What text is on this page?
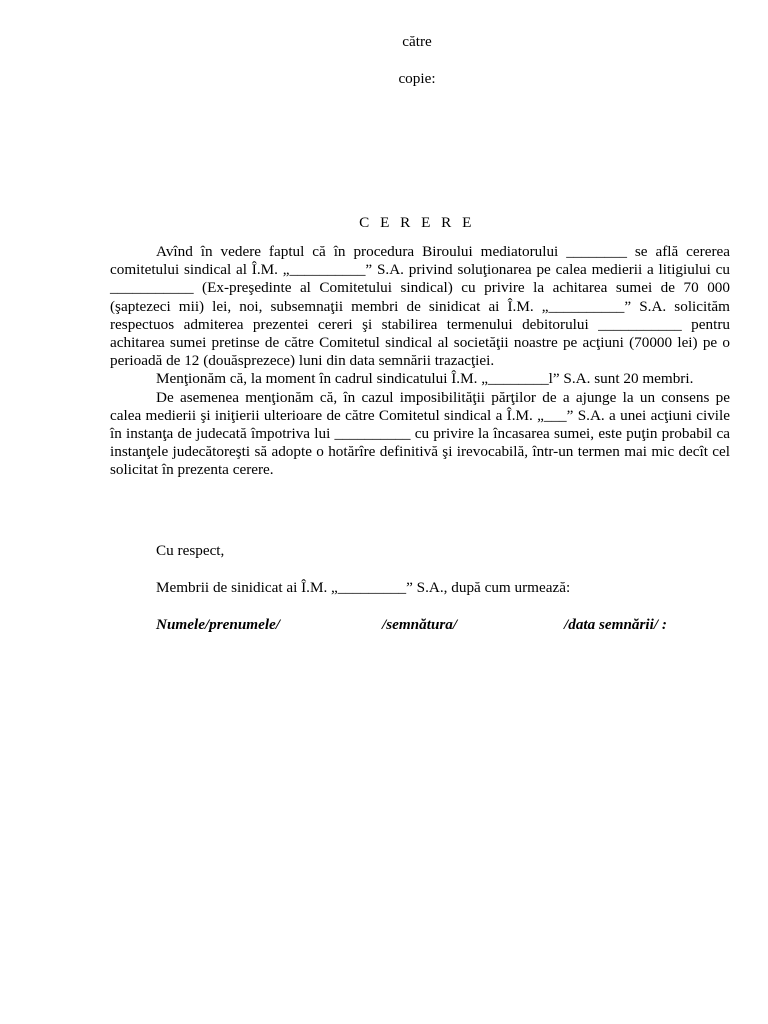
către
copie:
C E R E R E

Avînd în vedere faptul că în procedura Biroului mediatorului ________ se află cererea comitetului sindical al Î.M. „__________” S.A. privind soluţionarea pe calea medierii a litigiului cu ___________ (Ex-preşedinte al Comitetului sindical) cu privire la achitarea sumei de 70 000 (şaptezeci mii) lei, noi, subsemnaţii membri de sinidicat ai Î.M. „__________” S.A. solicităm respectuos admiterea prezentei cereri şi stabilirea termenului debitorului ___________ pentru achitarea sumei pretinse de către Comitetul sindical al societăţii noastre pe acţiuni (70000 lei) pe o perioadă de 12 (douăsprezece) luni din data semnării trazacţiei.

Menţionăm că, la moment în cadrul sindicatului Î.M. „________l” S.A. sunt 20 membri.

De asemenea menţionăm că, în cazul imposibilităţii părţilor de a ajunge la un consens pe calea medierii şi iniţierii ulterioare de către Comitetul sindical a Î.M. „___” S.A. a unei acţiuni civile în instanţa de judecată împotriva lui __________ cu privire la încasarea sumei, este puţin probabil ca instanţele judecătoreşti să adopte o hotărîre definitivă şi irevocabilă, într-un termen mai mic decît cel solicitat în prezenta cerere.

Cu respect,
Membrii de sinidicat ai Î.M. „_________” S.A., după cum urmează:
Numele/prenumele/	/semnătura/	/data semnării/ :
